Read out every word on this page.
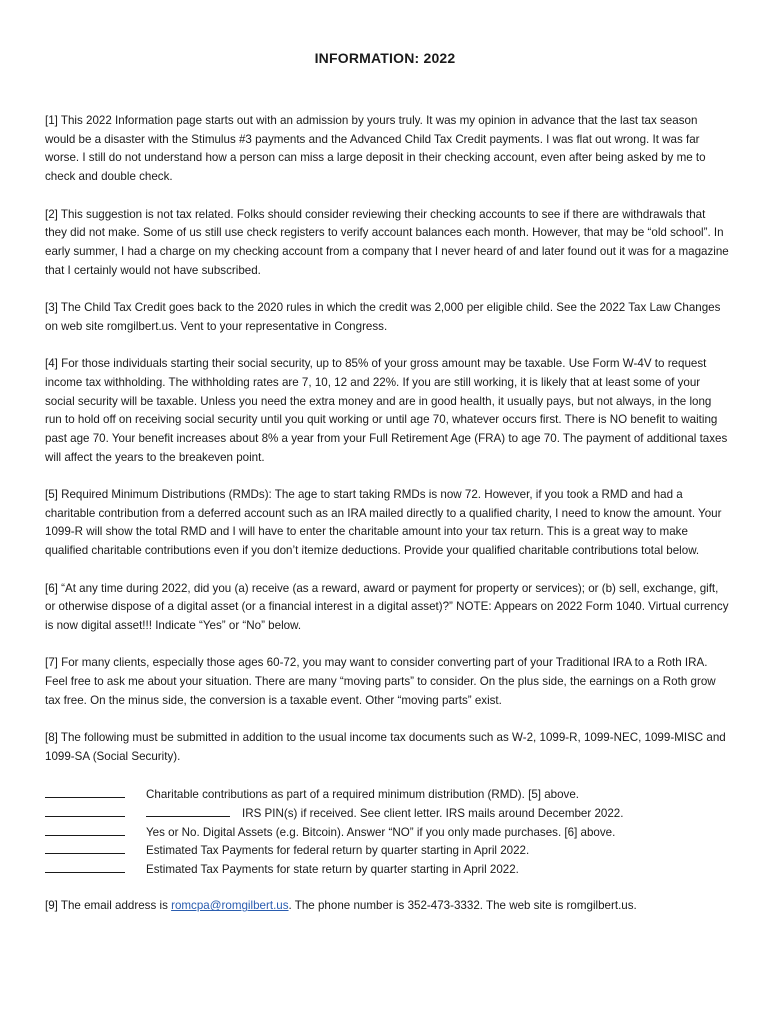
INFORMATION: 2022

[1] This 2022 Information page starts out with an admission by yours truly. It was my opinion in advance that the last tax season would be a disaster with the Stimulus #3 payments and the Advanced Child Tax Credit payments. I was flat out wrong. It was far worse. I still do not understand how a person can miss a large deposit in their checking account, even after being asked by me to check and double check.

[2] This suggestion is not tax related. Folks should consider reviewing their checking accounts to see if there are withdrawals that they did not make. Some of us still use check registers to verify account balances each month. However, that may be “old school”. In early summer, I had a charge on my checking account from a company that I never heard of and later found out it was for a magazine that I certainly would not have subscribed.

[3] The Child Tax Credit goes back to the 2020 rules in which the credit was 2,000 per eligible child. See the 2022 Tax Law Changes on web site romgilbert.us. Vent to your representative in Congress.

[4] For those individuals starting their social security, up to 85% of your gross amount may be taxable. Use Form W-4V to request income tax withholding. The withholding rates are 7, 10, 12 and 22%. If you are still working, it is likely that at least some of your social security will be taxable. Unless you need the extra money and are in good health, it usually pays, but not always, in the long run to hold off on receiving social security until you quit working or until age 70, whatever occurs first. There is NO benefit to waiting past age 70. Your benefit increases about 8% a year from your Full Retirement Age (FRA) to age 70. The payment of additional taxes will affect the years to the breakeven point.

[5] Required Minimum Distributions (RMDs): The age to start taking RMDs is now 72. However, if you took a RMD and had a charitable contribution from a deferred account such as an IRA mailed directly to a qualified charity, I need to know the amount. Your 1099-R will show the total RMD and I will have to enter the charitable amount into your tax return. This is a great way to make qualified charitable contributions even if you don’t itemize deductions. Provide your qualified charitable contributions total below.

[6] “At any time during 2022, did you (a) receive (as a reward, award or payment for property or services); or (b) sell, exchange, gift, or otherwise dispose of a digital asset (or a financial interest in a digital asset)?” NOTE: Appears on 2022 Form 1040. Virtual currency is now digital asset!!! Indicate “Yes” or “No” below.

[7] For many clients, especially those ages 60-72, you may want to consider converting part of your Traditional IRA to a Roth IRA. Feel free to ask me about your situation. There are many “moving parts” to consider. On the plus side, the earnings on a Roth grow tax free. On the minus side, the conversion is a taxable event. Other “moving parts” exist.

[8] The following must be submitted in addition to the usual income tax documents such as W-2, 1099-R, 1099-NEC, 1099-MISC and 1099-SA (Social Security).

Charitable contributions as part of a required minimum distribution (RMD). [5] above.
IRS PIN(s) if received. See client letter. IRS mails around December 2022.
Yes or No. Digital Assets (e.g. Bitcoin). Answer “NO” if you only made purchases. [6] above.
Estimated Tax Payments for federal return by quarter starting in April 2022.
Estimated Tax Payments for state return by quarter starting in April 2022.

[9] The email address is romcpa@romgilbert.us. The phone number is 352-473-3332. The web site is romgilbert.us.
